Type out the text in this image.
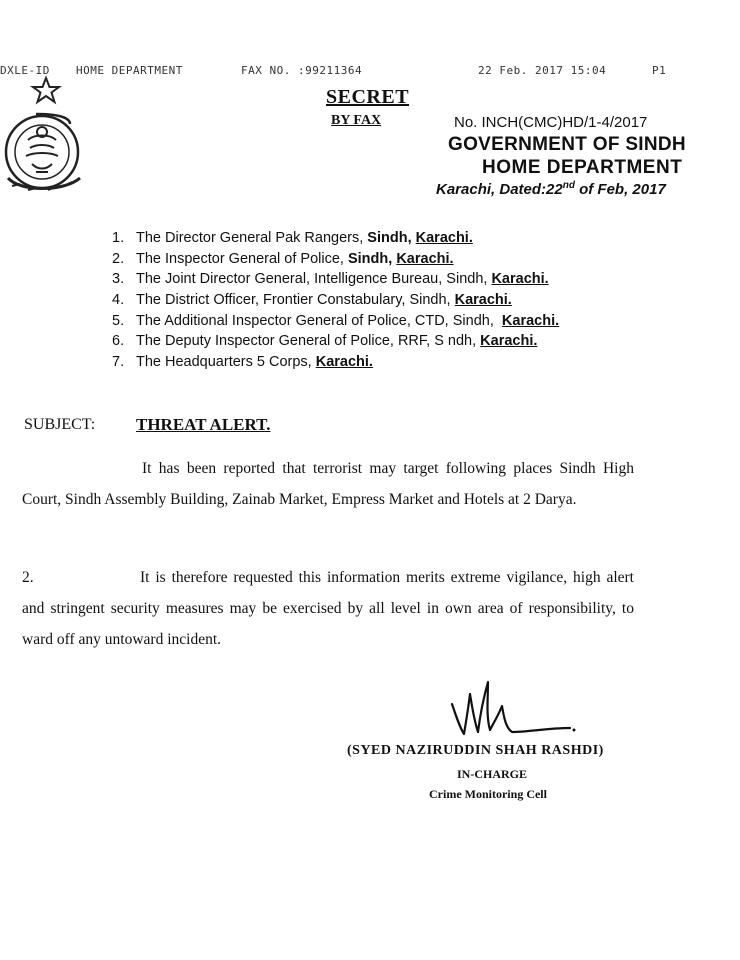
DXLE-ID HOME DEPARTMENT	FAX NO. :99211364	22 Feb. 2017 15:04	P1
SECRET
BY FAX	No. INCH(CMC)HD/1-4/2017
GOVERNMENT OF SINDH
HOME DEPARTMENT
Karachi, Dated:22nd of Feb, 2017
1. The Director General Pak Rangers, Sindh, Karachi.
2. The Inspector General of Police, Sindh, Karachi.
3. The Joint Director General, Intelligence Bureau, Sindh, Karachi.
4. The District Officer, Frontier Constabulary, Sindh, Karachi.
5. The Additional Inspector General of Police, CTD, Sindh,  Karachi.
6. The Deputy Inspector General of Police, RRF, S ndh, Karachi.
7. The Headquarters 5 Corps, Karachi.
SUBJECT: THREAT ALERT.
It has been reported that terrorist may target following places Sindh High Court, Sindh Assembly Building, Zainab Market, Empress Market and Hotels at 2 Darya.
2.	It is therefore requested this information merits extreme vigilance, high alert and stringent security measures may be exercised by all level in own area of responsibility, to ward off any untoward incident.
(SYED NAZIRUDDIN SHAH RASHDI)
IN-CHARGE
Crime Monitoring Cell
